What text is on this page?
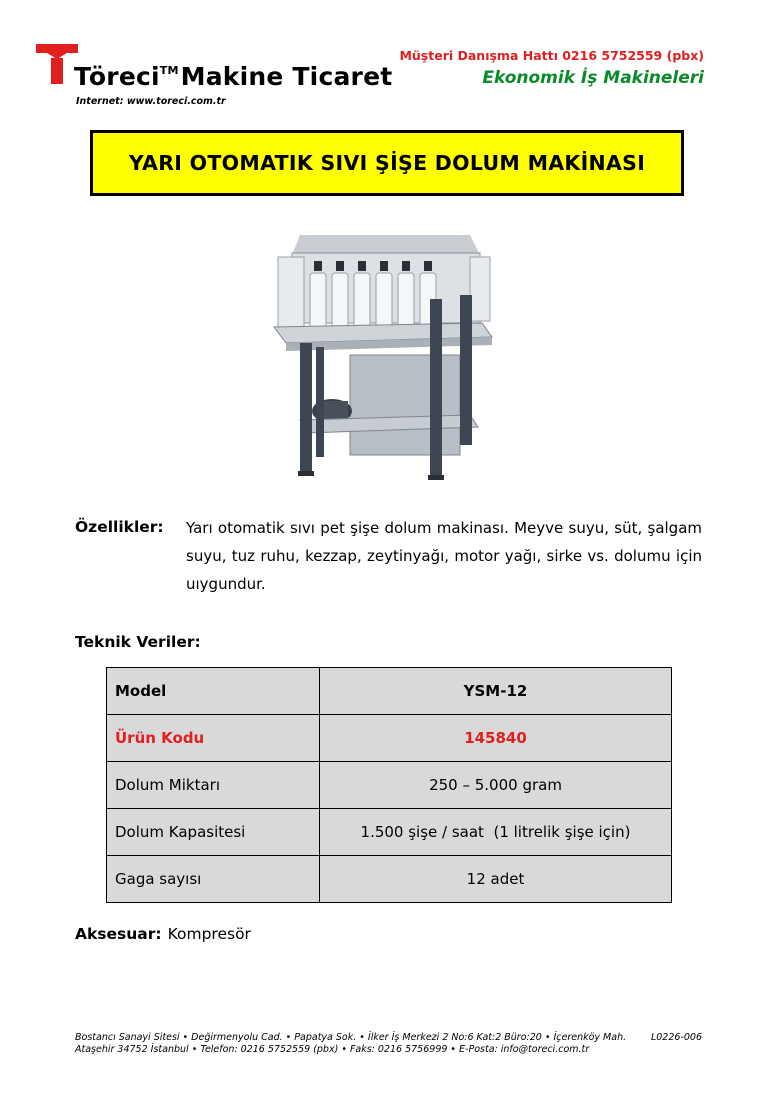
Töreci™Makine Ticaret
Internet: www.toreci.com.tr
Müşteri Danışma Hattı 0216 5752559 (pbx)
Ekonomik İş Makineleri
YARI OTOMATIK SIVI ŞİŞE DOLUM MAKİNASI
Özellikler: Yarı otomatik sıvı pet şişe dolum makinası. Meyve suyu, süt, şalgam suyu, tuz ruhu, kezzap, zeytinyağı, motor yağı, sirke vs. dolumu için uıygundur.
Teknik Veriler:
Model	YSM-12
Ürün Kodu	145840
Dolum Miktarı	250 – 5.000 gram
Dolum Kapasitesi	1.500 şişe / saat  (1 litrelik şişe için)
Gaga sayısı	12 adet
Aksesuar: Kompresör
Bostancı Sanayi Sitesi • Değirmenyolu Cad. • Papatya Sok. • İlker İş Merkezi 2 No:6 Kat:2 Büro:20 • İçerenköy Mah.
Ataşehir 34752 İstanbul • Telefon: 0216 5752559 (pbx) • Faks: 0216 5756999 • E-Posta: info@toreci.com.tr
L0226-006
